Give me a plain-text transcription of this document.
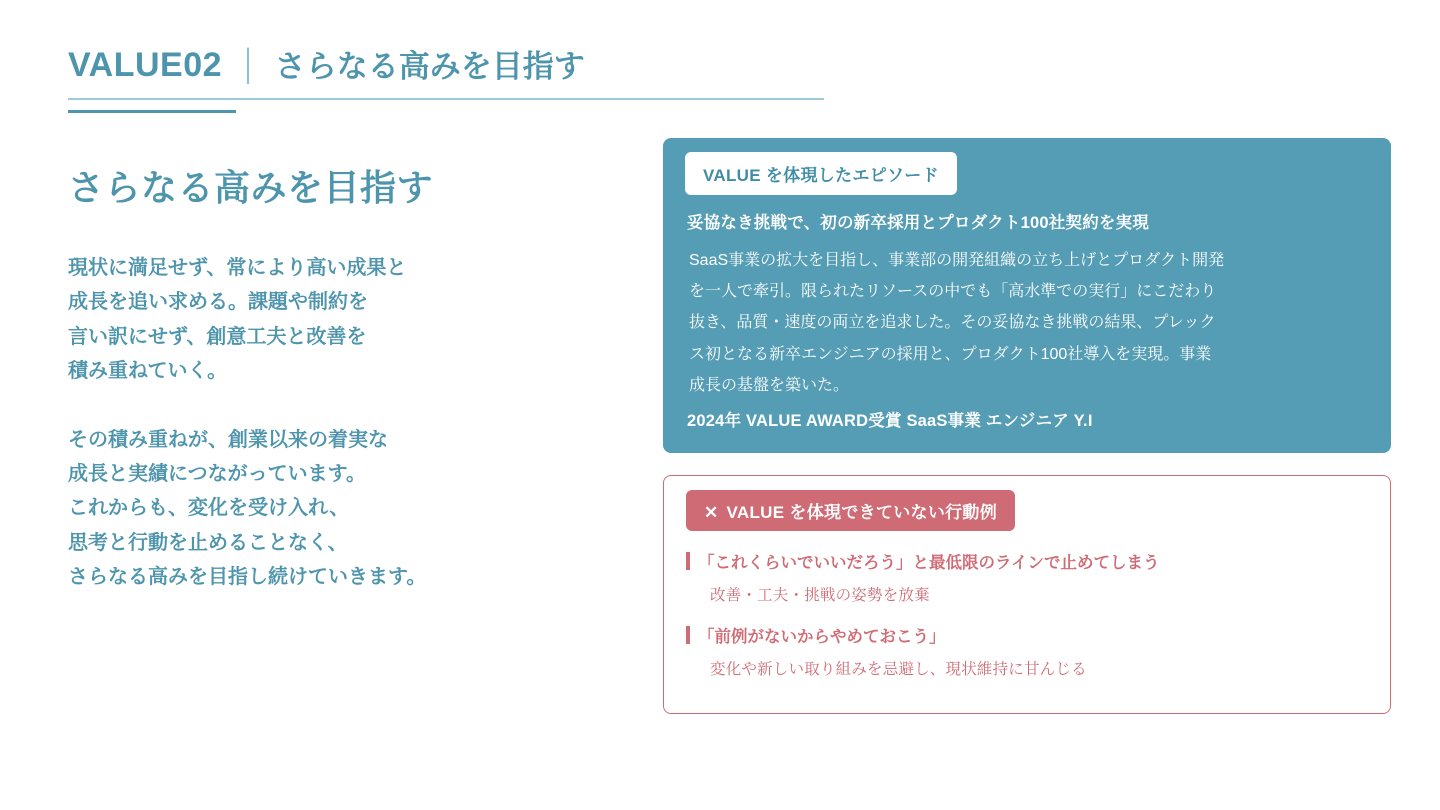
VALUE02 │ さらなる高みを目指す
さらなる高みを目指す
現状に満足せず、常により高い成果と
成長を追い求める。課題や制約を
言い訳にせず、創意工夫と改善を
積み重ねていく。
その積み重ねが、創業以来の着実な
成長と実績につながっています。
これからも、変化を受け入れ、
思考と行動を止めることなく、
さらなる高みを目指し続けていきます。
VALUE を体現したエピソード
妥協なき挑戦で、初の新卒採用とプロダクト100社契約を実現
SaaS事業の拡大を目指し、事業部の開発組織の立ち上げとプロダクト開発
を一人で牽引。限られたリソースの中でも「高水準での実行」にこだわり
抜き、品質・速度の両立を追求した。その妥協なき挑戦の結果、プレック
ス初となる新卒エンジニアの採用と、プロダクト100社導入を実現。事業
成長の基盤を築いた。
2024年 VALUE AWARD受賞 SaaS事業 エンジニア Y.I
✕ VALUE を体現できていない行動例
「これくらいでいいだろう」と最低限のラインで止めてしまう
改善・工夫・挑戦の姿勢を放棄
「前例がないからやめておこう」
変化や新しい取り組みを忌避し、現状維持に甘んじる
